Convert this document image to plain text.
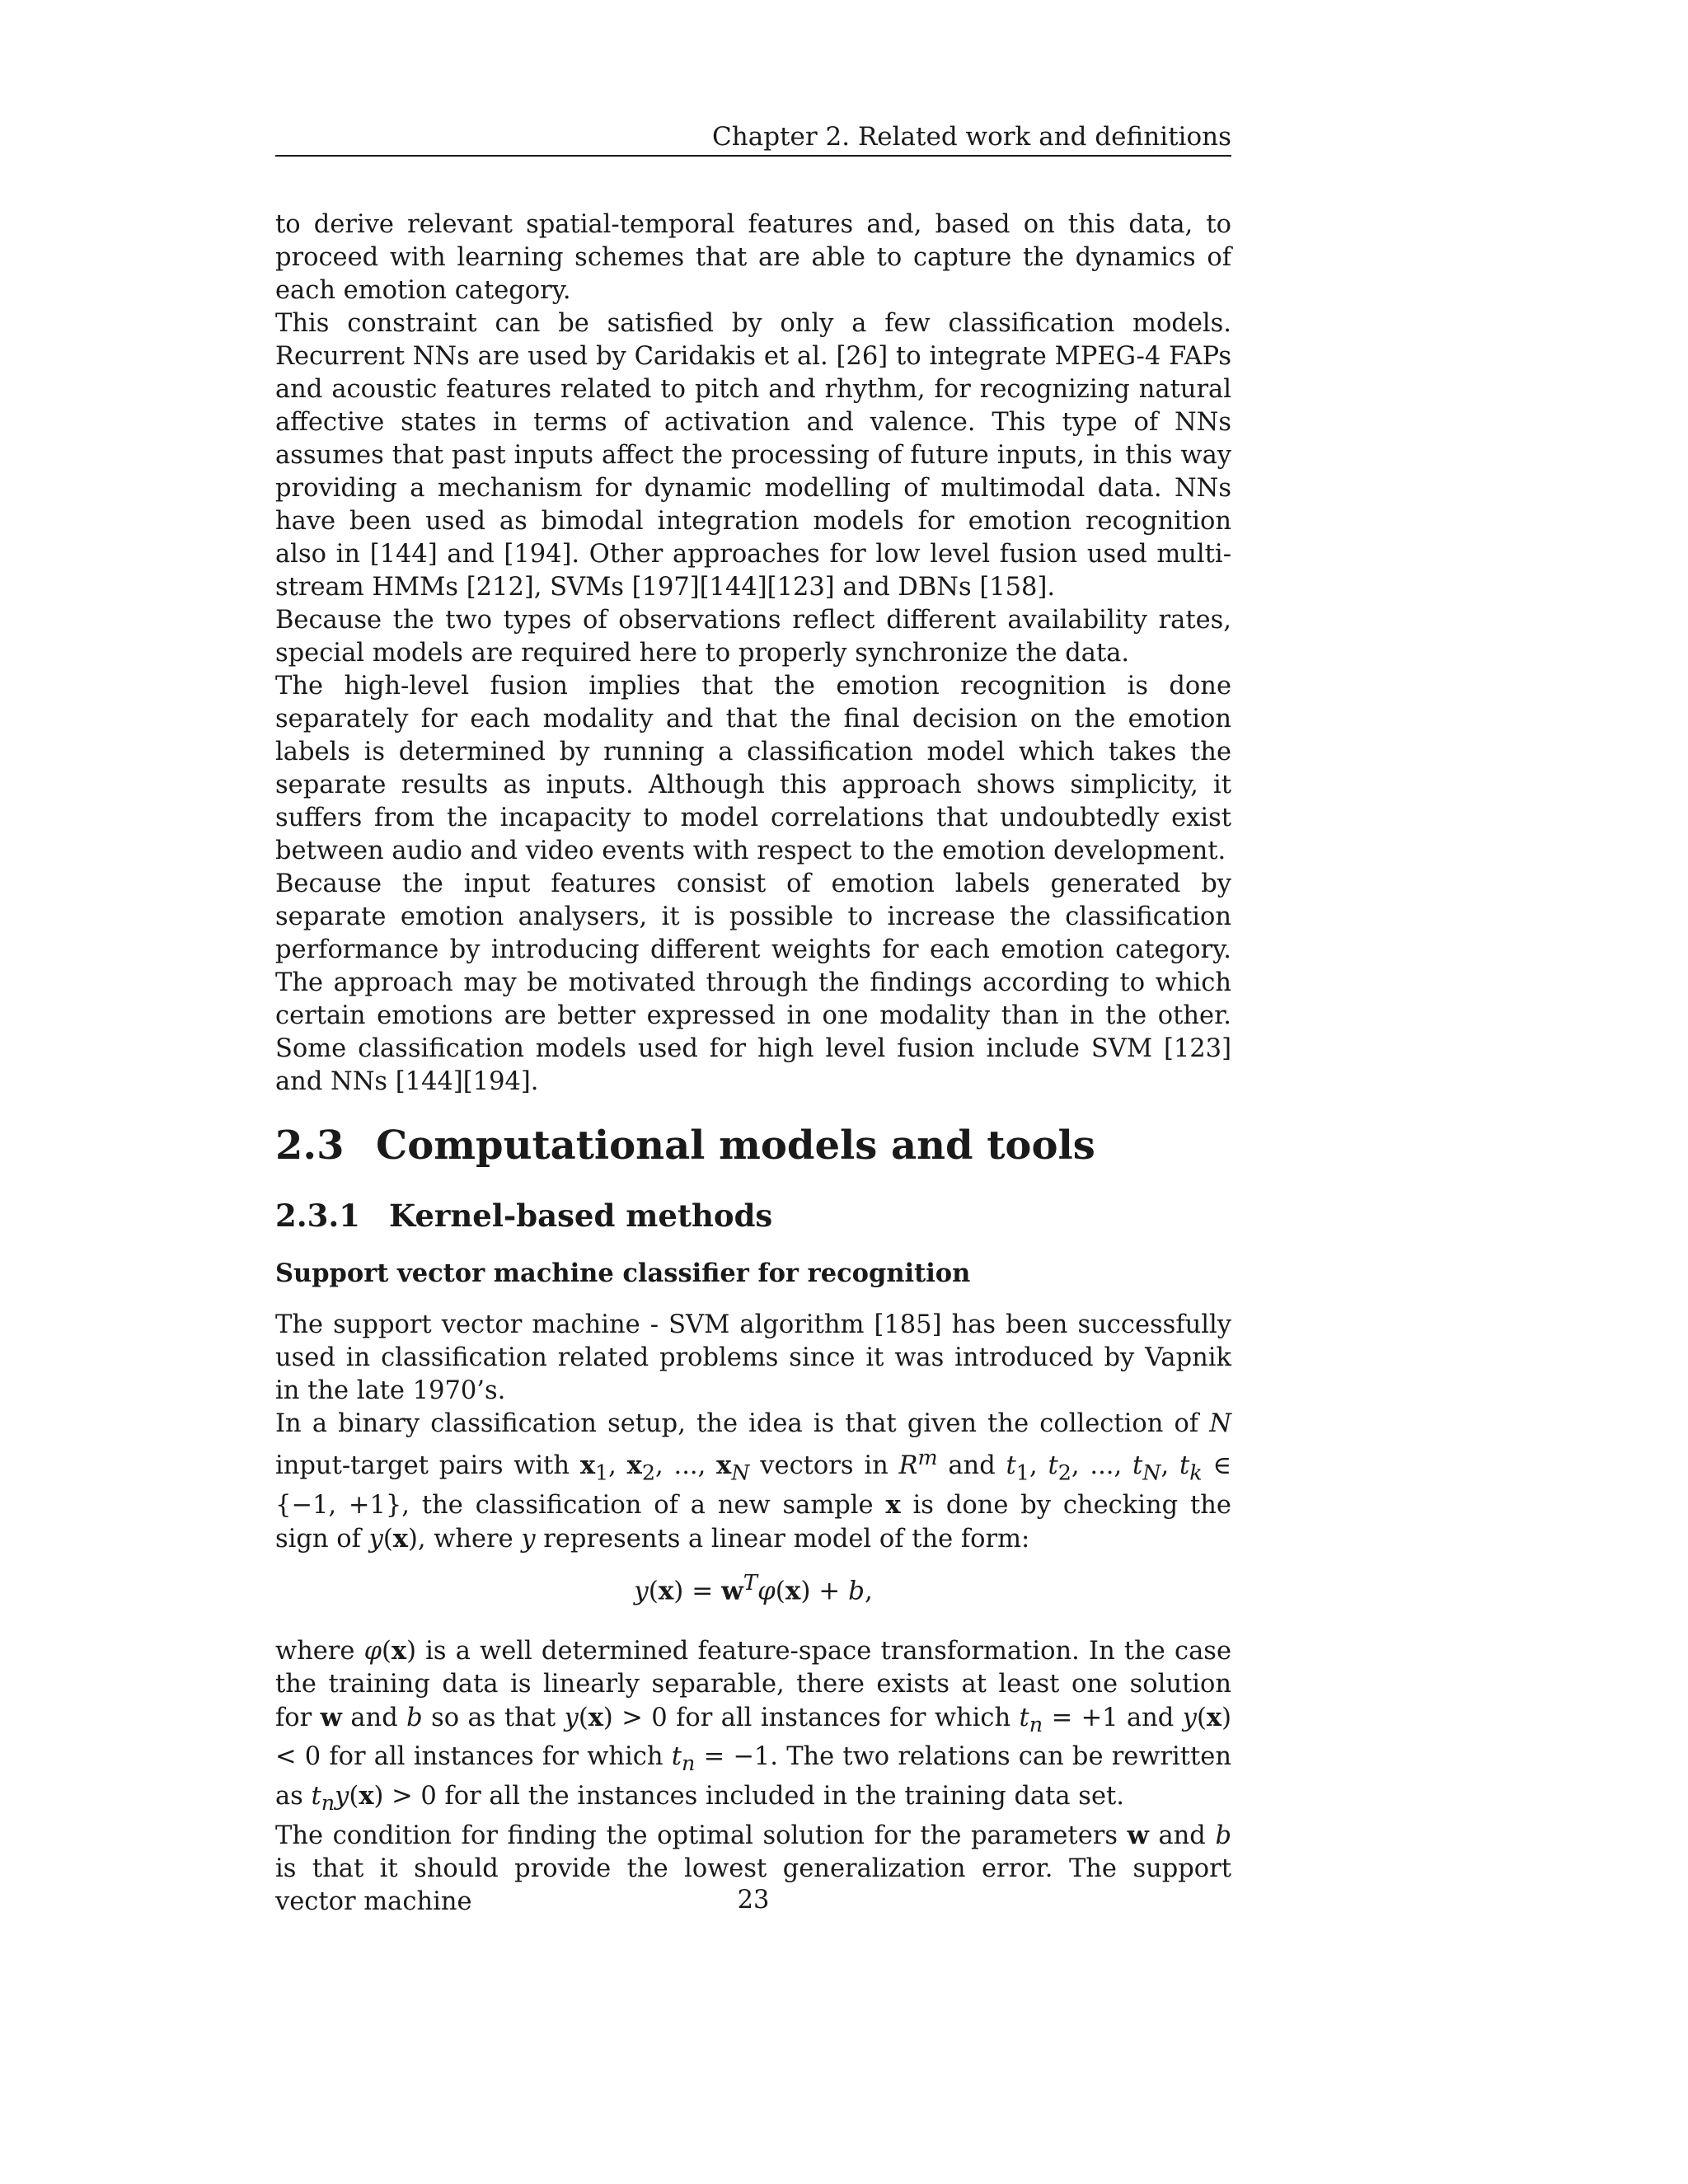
Chapter 2. Related work and definitions

to derive relevant spatial-temporal features and, based on this data, to proceed with learning schemes that are able to capture the dynamics of each emotion category.

This constraint can be satisfied by only a few classification models. Recurrent NNs are used by Caridakis et al. [26] to integrate MPEG-4 FAPs and acoustic features related to pitch and rhythm, for recognizing natural affective states in terms of activation and valence. This type of NNs assumes that past inputs affect the processing of future inputs, in this way providing a mechanism for dynamic modelling of multimodal data. NNs have been used as bimodal integration models for emotion recognition also in [144] and [194]. Other approaches for low level fusion used multi-stream HMMs [212], SVMs [197][144][123] and DBNs [158].

Because the two types of observations reflect different availability rates, special models are required here to properly synchronize the data.

The high-level fusion implies that the emotion recognition is done separately for each modality and that the final decision on the emotion labels is determined by running a classification model which takes the separate results as inputs. Although this approach shows simplicity, it suffers from the incapacity to model correlations that undoubtedly exist between audio and video events with respect to the emotion development.

Because the input features consist of emotion labels generated by separate emotion analysers, it is possible to increase the classification performance by introducing different weights for each emotion category. The approach may be motivated through the findings according to which certain emotions are better expressed in one modality than in the other. Some classification models used for high level fusion include SVM [123] and NNs [144][194].

2.3 Computational models and tools
2.3.1 Kernel-based methods
Support vector machine classifier for recognition

The support vector machine - SVM algorithm [185] has been successfully used in classification related problems since it was introduced by Vapnik in the late 1970’s.

In a binary classification setup, the idea is that given the collection of N input-target pairs with $x_1$, $x_2$, ..., $x_N$ vectors in $R^m$ and $t_1$, $t_2$, ..., $t_N$, $t_k$ ∈ {−1, +1}, the classification of a new sample x is done by checking the sign of y(x), where y represents a linear model of the form:

$y(x) = w^T\varphi(x) + b$,

where φ(x) is a well determined feature-space transformation. In the case the training data is linearly separable, there exists at least one solution for w and b so as that y(x) > 0 for all instances for which $t_n = +1$ and y(x) < 0 for all instances for which $t_n = -1$. The two relations can be rewritten as $t_ny(x) > 0$ for all the instances included in the training data set.

The condition for finding the optimal solution for the parameters w and b is that it should provide the lowest generalization error. The support vector machine	23
